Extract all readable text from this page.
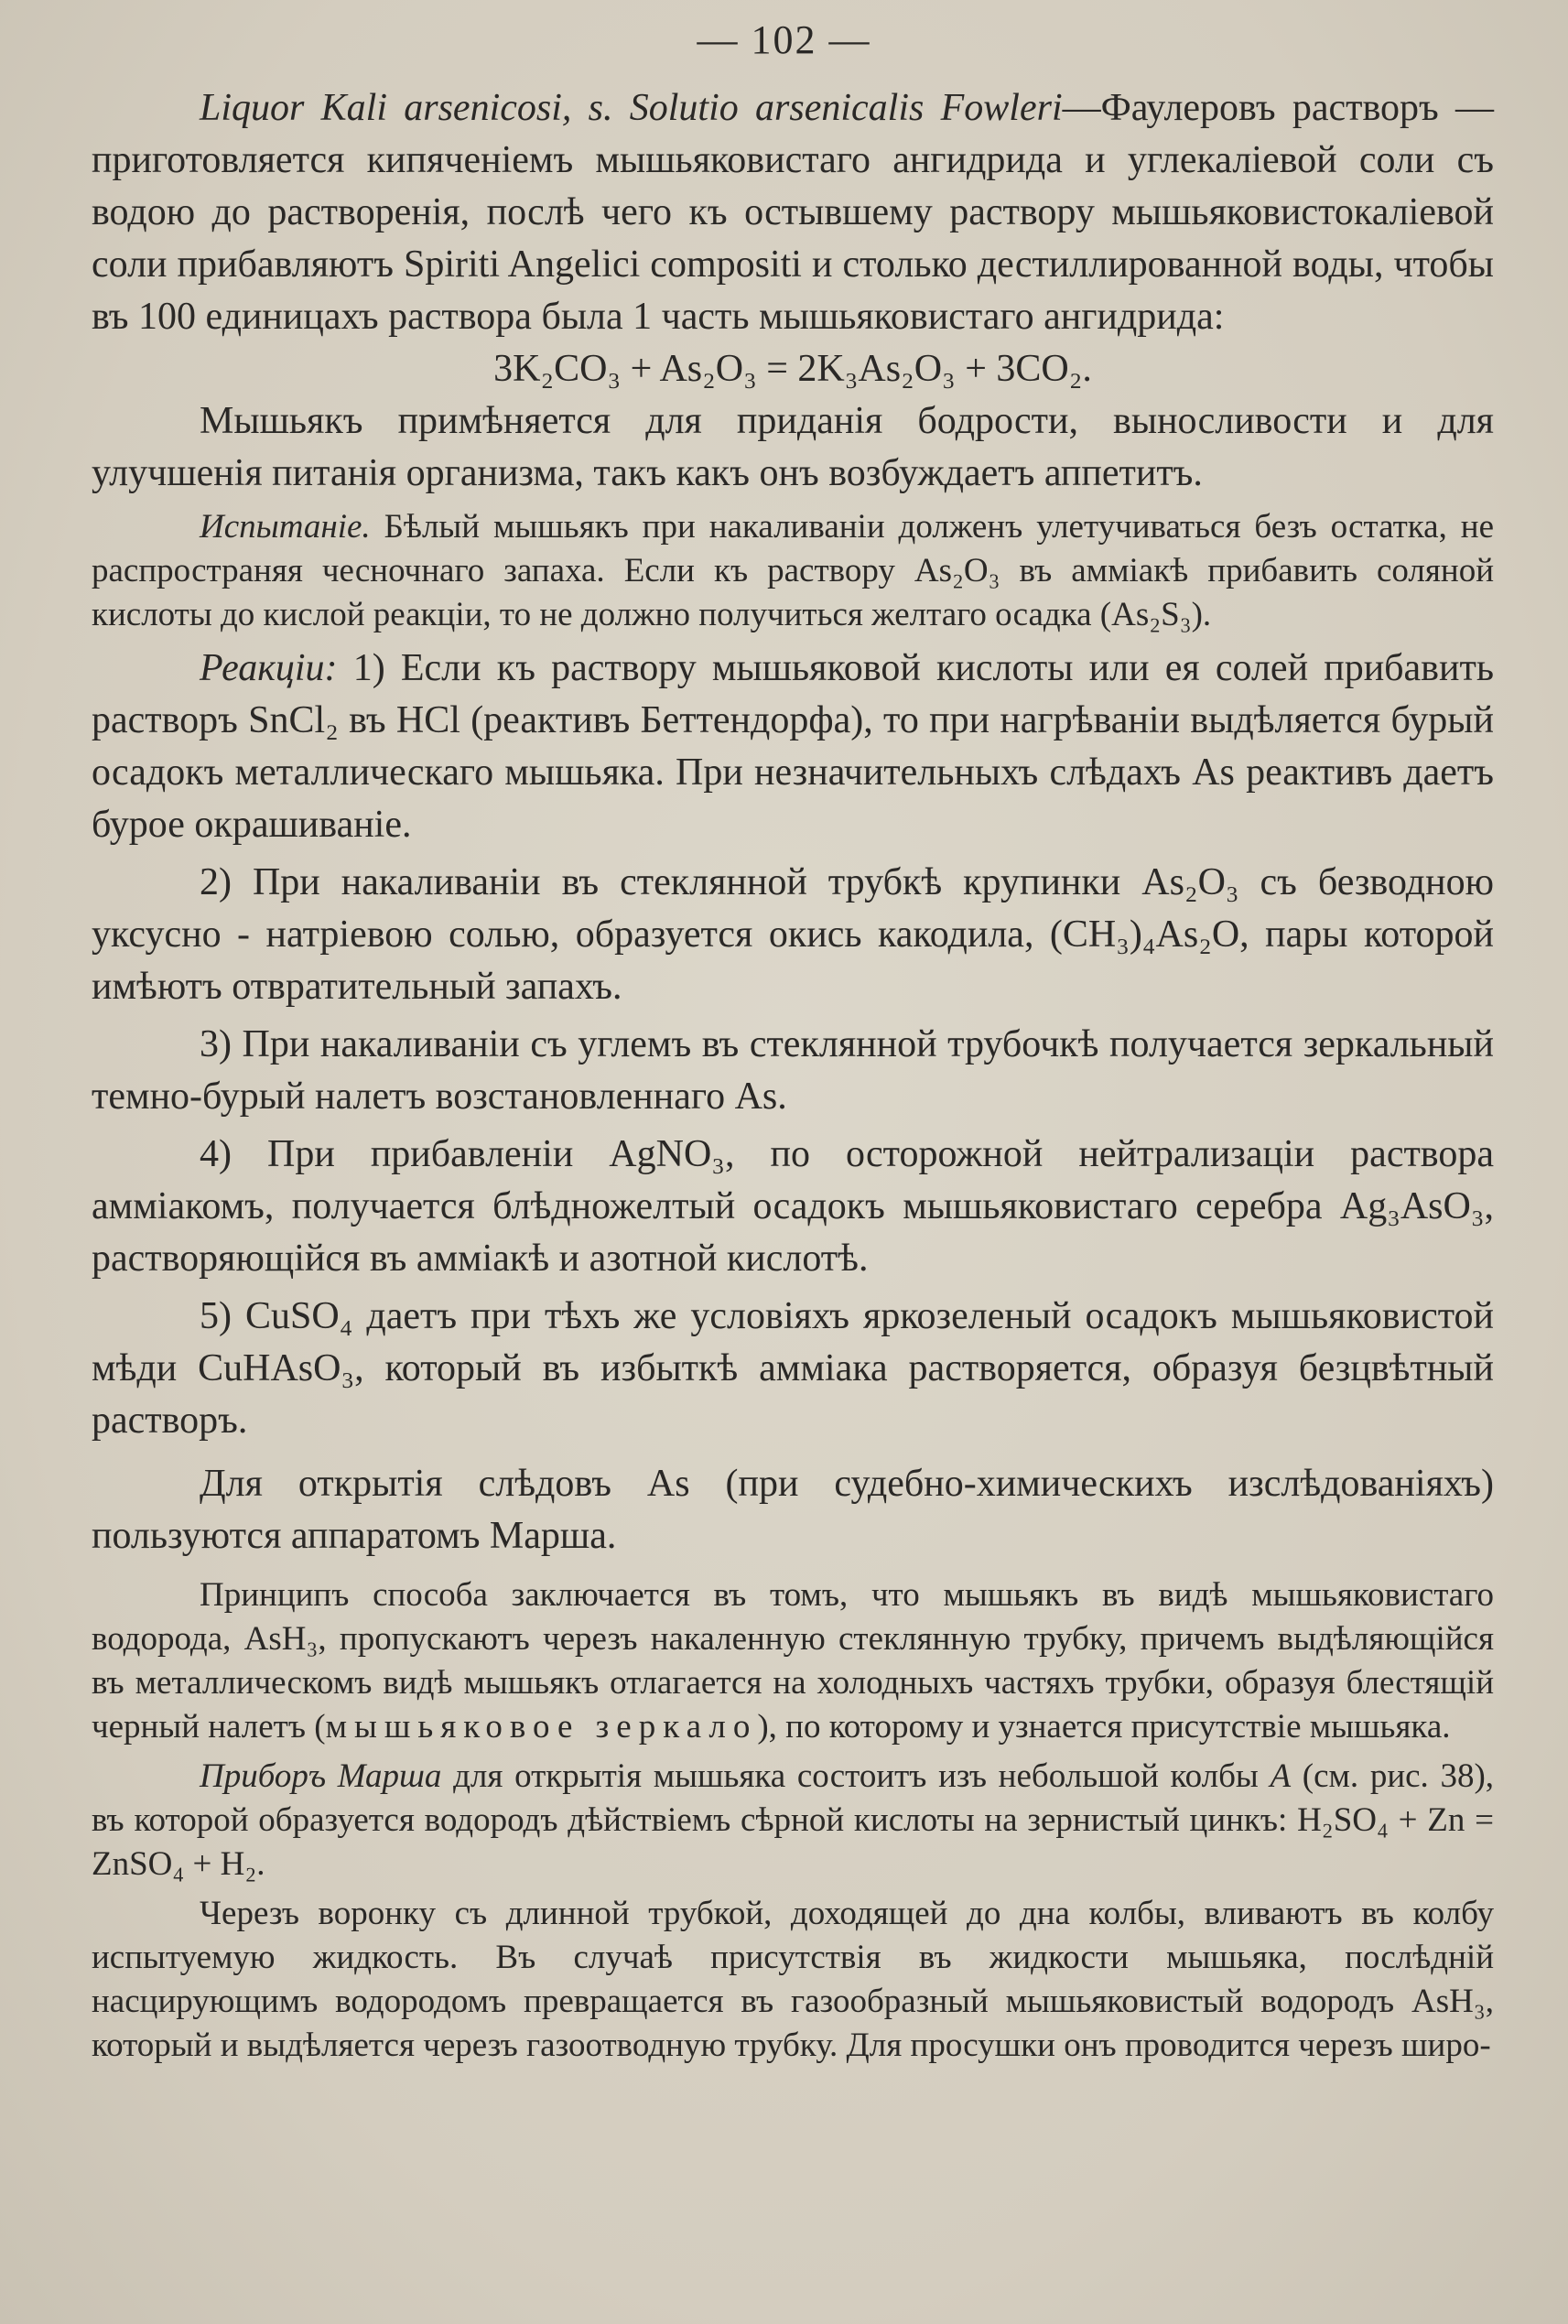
— 102 —

Liquor Kali arsenicosi, s. Solutio arsenicalis Fowleri—Фаулеровъ растворъ — приготовляется кипяченіемъ мышьяковистаго ангидрида и углекаліевой соли съ водою до растворенія, послѣ чего къ остывшему раствору мышьяковистокаліевой соли прибавляютъ Spiriti Angelici compositi и столько дестиллированной воды, чтобы въ 100 единицахъ раствора была 1 часть мышьяковистаго ангидрида:

3K₂CO₃ + As₂O₃ = 2K₃As₂O₃ + 3CO₂.

Мышьякъ примѣняется для приданія бодрости, выносливости и для улучшенія питанія организма, такъ какъ онъ возбуждаетъ аппетитъ.

Испытаніе. Бѣлый мышьякъ при накаливаніи долженъ улетучиваться безъ остатка, не распространяя чесночнаго запаха. Если къ раствору As₂O₃ въ амміакѣ прибавить соляной кислоты до кислой реакціи, то не должно получиться желтаго осадка (As₂S₃).

Реакціи: 1) Если къ раствору мышьяковой кислоты или ея солей прибавить растворъ SnCl₂ въ HCl (реактивъ Беттендорфа), то при нагрѣваніи выдѣляется бурый осадокъ металлическаго мышьяка. При незначительныхъ слѣдахъ As реактивъ даетъ бурое окрашиваніе.

2) При накаливаніи въ стеклянной трубкѣ крупинки As₂O₃ съ безводною уксусно - натріевою солью, образуется окись какодила, (CH₃)₄As₂O, пары которой имѣютъ отвратительный запахъ.

3) При накаливаніи съ углемъ въ стеклянной трубочкѣ получается зеркальный темно-бурый налетъ возстановленнаго As.

4) При прибавленіи AgNO₃, по осторожной нейтрализаціи раствора амміакомъ, получается блѣдножелтый осадокъ мышьяковистаго серебра Ag₃AsO₃, растворяющійся въ амміакѣ и азотной кислотѣ.

5) CuSO₄ даетъ при тѣхъ же условіяхъ яркозеленый осадокъ мышьяковистой мѣди CuHAsO₃, который въ избыткѣ амміака растворяется, образуя безцвѣтный растворъ.

Для открытія слѣдовъ As (при судебно-химическихъ изслѣдованіяхъ) пользуются аппаратомъ Марша.

Принципъ способа заключается въ томъ, что мышьякъ въ видѣ мышьяковистаго водорода, AsH₃, пропускаютъ черезъ накаленную стеклянную трубку, причемъ выдѣляющійся въ металлическомъ видѣ мышьякъ отлагается на холодныхъ частяхъ трубки, образуя блестящій черный налетъ (мышьяковое зеркало), по которому и узнается присутствіе мышьяка.

Приборъ Марша для открытія мышьяка состоитъ изъ небольшой колбы A (см. рис. 38), въ которой образуется водородъ дѣйствіемъ сѣрной кислоты на зернистый цинкъ: H₂SO₄ + Zn = ZnSO₄ + H₂.

Черезъ воронку съ длинной трубкой, доходящей до дна колбы, вливаютъ въ колбу испытуемую жидкость. Въ случаѣ присутствія въ жидкости мышьяка, послѣдній насцирующимъ водородомъ превращается въ газообразный мышьяковистый водородъ AsH₃, который и выдѣляется черезъ газоотводную трубку. Для просушки онъ проводится черезъ широ-
